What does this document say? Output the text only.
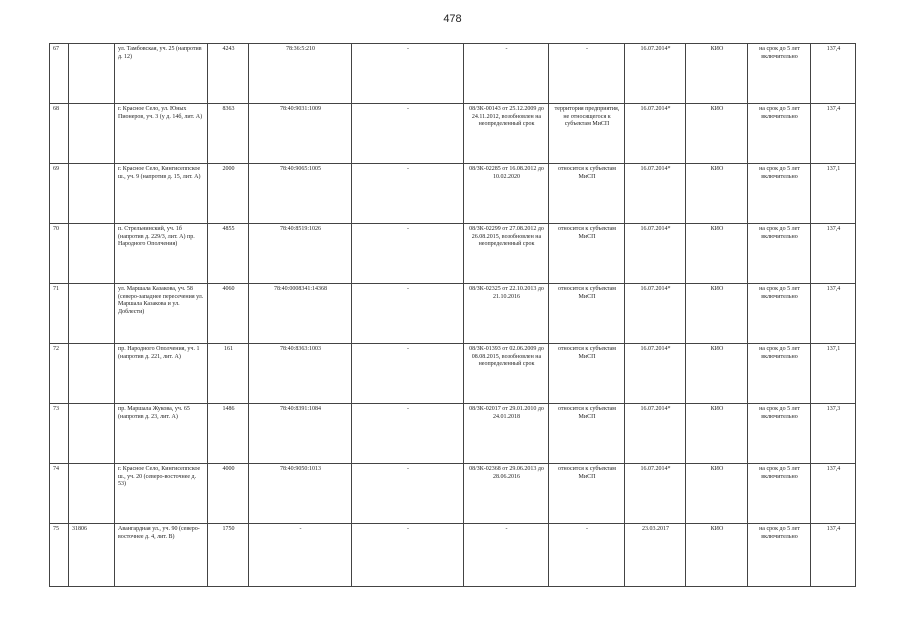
478
67		ул. Тамбовская, уч. 25 (напротив д. 12)	4243	78:36:5:210	-	-	-	16.07.2014*	КИО	на срок до 5 лет включительно	137,4
68		г. Красное Село, ул. Юных Пионеров, уч. 3 (у д. 14б, лит. А)	8363	78:40:9031:1009	-	08/ЗК-00143 от 25.12.2009 до 24.11.2012, возобновлен на неопределенный срок	территория предприятия, не относящегося к субъектам МиСП	16.07.2014*	КИО	на срок до 5 лет включительно	137,4
69		г. Красное Село, Кингисеппское ш., уч. 9 (напротив д. 15, лит. А)	2000	78:40:9065:1005	-	08/ЗК-02285 от 16.08.2012 до 10.02.2020	относится к субъектам МиСП	16.07.2014*	КИО	на срок до 5 лет включительно	137,1
70		п. Стрельнинский, уч. 1б (напротив д. 229/3, лит. А) пр. Народного Ополчения)	4855	78:40:8519:1026	-	08/ЗК-02299 от 27.08.2012 до 26.08.2015, возобновлен на неопределенный срок	относится к субъектам МиСП	16.07.2014*	КИО	на срок до 5 лет включительно	137,4
71		ул. Маршала Казакова, уч. 58 (северо-западнее пересечения ул. Маршала Казакова и ул. Доблести)	4060	78:40:0008341:14368	-	08/ЗК-02325 от 22.10.2013 до 21.10.2016	относится к субъектам МиСП	16.07.2014*	КИО	на срок до 5 лет включительно	137,4
72		пр. Народного Ополчения, уч. 1 (напротив д. 221, лит. А)	161	78:40:8363:1003	-	08/ЗК-01393 от 02.06.2009 до 08.08.2015, возобновлен на неопределенный срок	относится к субъектам МиСП	16.07.2014*	КИО	на срок до 5 лет включительно	137,1
73		пр. Маршала Жукова, уч. 65 (напротив д. 23, лит. А)	1486	78:40:8391:1084	-	08/ЗК-02017 от 29.01.2010 до 24.01.2018	относится к субъектам МиСП	16.07.2014*	КИО	на срок до 5 лет включительно	137,3
74		г. Красное Село, Кингисеппское ш., уч. 20 (северо-восточнее д. 53)	4000	78:40:9050:1013	-	08/ЗК-02368 от 29.06.2013 до 28.06.2016	относится к субъектам МиСП	16.07.2014*	КИО	на срок до 5 лет включительно	137,4
75	31806	Авангардная ул., уч. 90 (северо-восточнее д. 4, лит. В)	1750	-	-	-	-	23.03.2017	КИО	на срок до 5 лет включительно	137,4
